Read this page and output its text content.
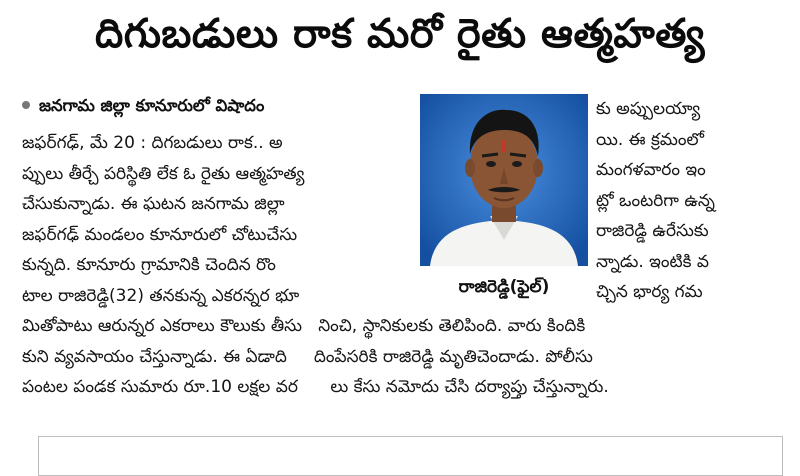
దిగుబడులు రాక మరో రైతు ఆత్మహత్య
జనగామ జిల్లా కూనూరులో విషాదం
జఫర్‌గఢ్‌, మే 20 : దిగబడులు రాక.. అ
ప్పులు తీర్చే పరిస్థితి లేక ఓ రైతు ఆత్మహత్య
చేసుకున్నాడు. ఈ ఘటన జనగామ జిల్లా
జఫర్‌గఢ్‌ మండలం కూనూరులో చోటుచేసు
కున్నది. కూనూరు గ్రామానికి చెందిన రొం
టాల రాజిరెడ్డి(32) తనకున్న ఎకరన్నర భూ	రాజిరెడ్డి(ఫైల్‌)
కు అప్పులయ్యా
యి. ఈ క్రమంలో
మంగళవారం ఇం
ట్లో ఒంటరిగా ఉన్న
రాజిరెడ్డి ఉరేసుకు
న్నాడు. ఇంటికి వ
చ్చిన భార్య గమ
మితోపాటు ఆరున్నర ఎకరాలు కౌలుకు తీసు   నించి, స్థానికులకు తెలిపింది. వారు కిందికి
కుని వ్యవసాయం చేస్తున్నాడు. ఈ ఏడాది     దింపేసరికి రాజిరెడ్డి మృతిచెందాడు. పోలీసు
పంటల పండక సుమారు రూ.10 లక్షల వర      లు కేసు నమోదు చేసి దర్యాప్తు చేస్తున్నారు.
